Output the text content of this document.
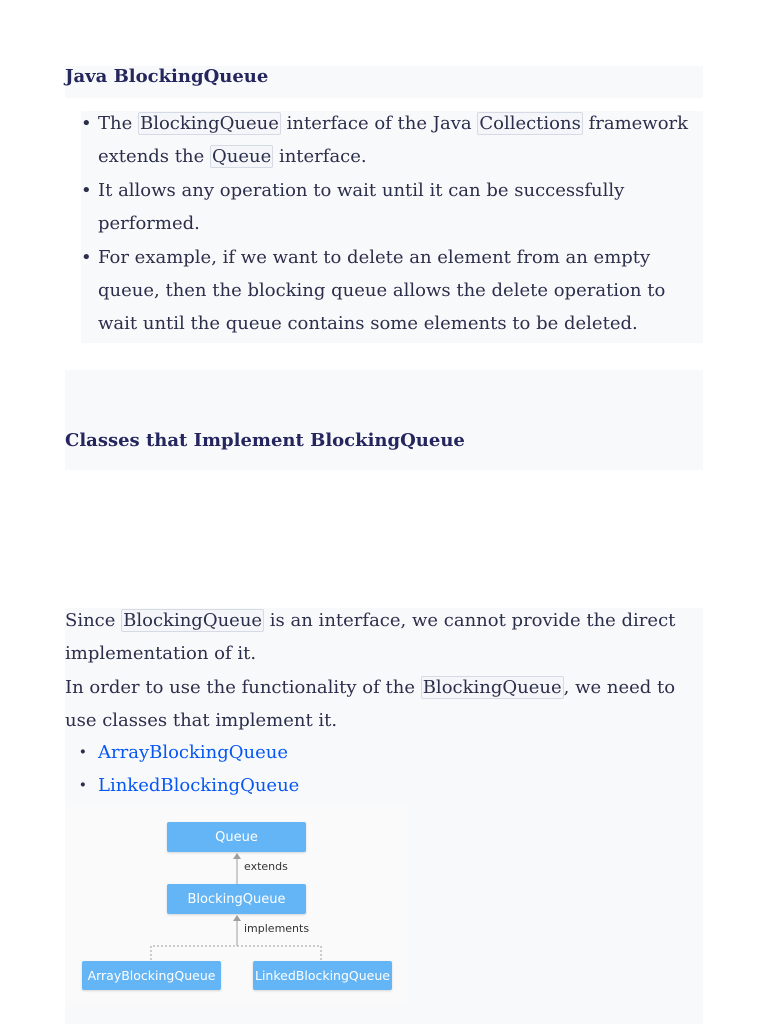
Java BlockingQueue
• The BlockingQueue interface of the Java Collections framework extends the Queue interface.
• It allows any operation to wait until it can be successfully performed.
• For example, if we want to delete an element from an empty queue, then the blocking queue allows the delete operation to wait until the queue contains some elements to be deleted.
Classes that Implement BlockingQueue

Since BlockingQueue is an interface, we cannot provide the direct implementation of it.

In order to use the functionality of the BlockingQueue , we need to use classes that implement it.

· ArrayBlockingQueue
· LinkedBlockingQueue
Queue
extends
BlockingQueue
implements
ArrayBlockingQueue	LinkedBlockingQueue
